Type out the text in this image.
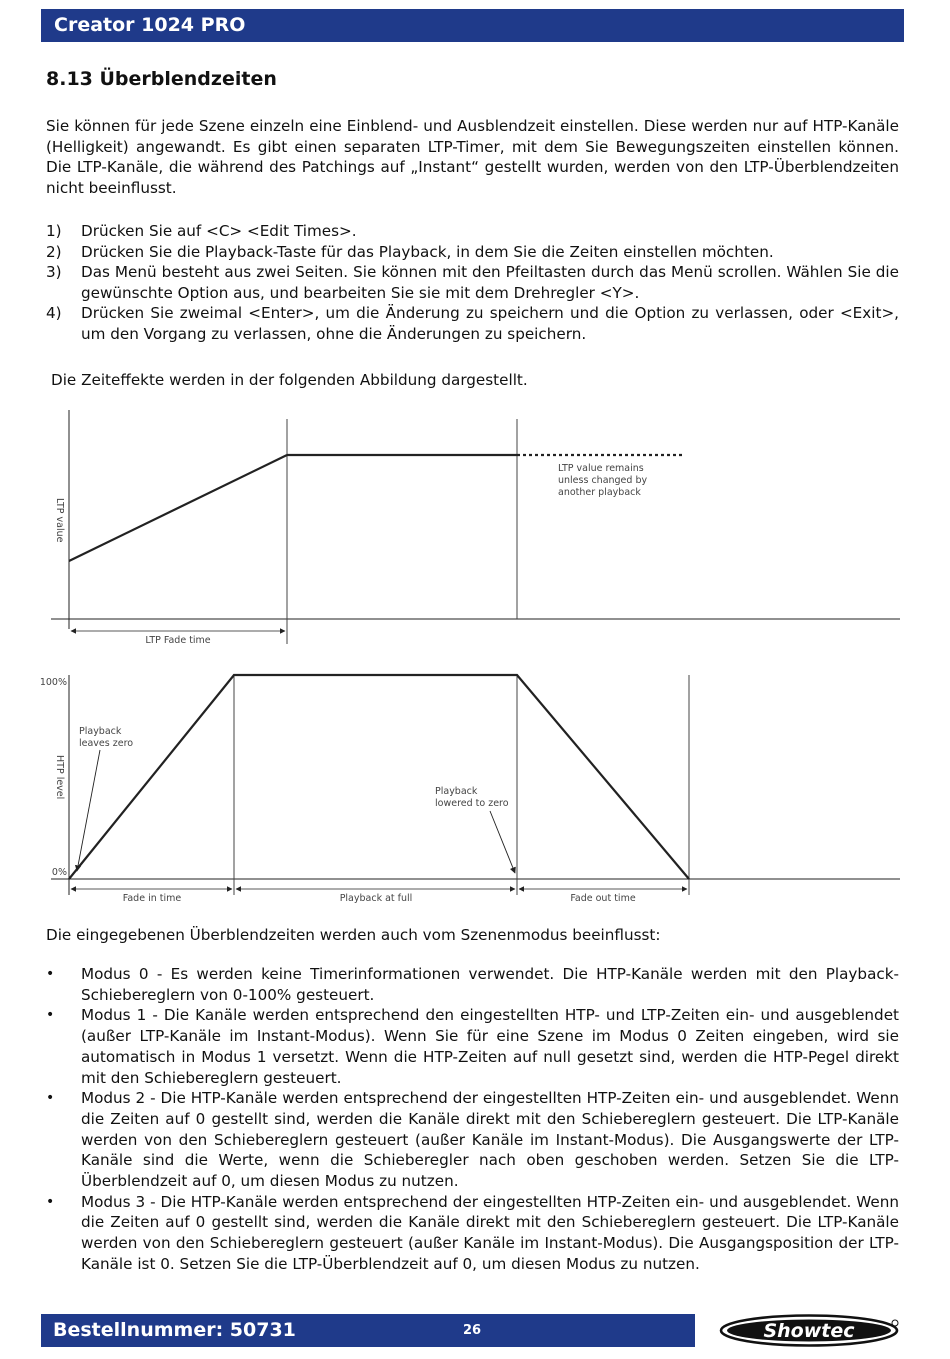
Creator 1024 PRO
8.13 Überblendzeiten

Sie können für jede Szene einzeln eine Einblend- und Ausblendzeit einstellen. Diese werden nur auf HTP-Kanäle (Helligkeit) angewandt. Es gibt einen separaten LTP-Timer, mit dem Sie Bewegungszeiten einstellen können. Die LTP-Kanäle, die während des Patchings auf „Instant“ gestellt wurden, werden von den LTP-Überblendzeiten nicht beeinflusst.

1)	Drücken Sie auf <C> <Edit Times>.
2)	Drücken Sie die Playback-Taste für das Playback, in dem Sie die Zeiten einstellen möchten.
3)	Das Menü besteht aus zwei Seiten. Sie können mit den Pfeiltasten durch das Menü scrollen. Wählen Sie die gewünschte Option aus, und bearbeiten Sie sie mit dem Drehregler <Y>.
4)	Drücken Sie zweimal <Enter>, um die Änderung zu speichern und die Option zu verlassen, oder <Exit>, um den Vorgang zu verlassen, ohne die Änderungen zu speichern.

Die Zeiteffekte werden in der folgenden Abbildung dargestellt.

LTP value
LTP value remains
unless changed by
another playback
LTP Fade time
100%
0%
HTP level
Playback
leaves zero
Playback
lowered to zero
Fade in time	Playback at full	Fade out time

Die eingegebenen Überblendzeiten werden auch vom Szenenmodus beeinflusst:

•	Modus 0 - Es werden keine Timerinformationen verwendet. Die HTP-Kanäle werden mit den Playback-Schiebereglern von 0-100% gesteuert.
•	Modus 1 - Die Kanäle werden entsprechend den eingestellten HTP- und LTP-Zeiten ein- und ausgeblendet (außer LTP-Kanäle im Instant-Modus). Wenn Sie für eine Szene im Modus 0 Zeiten eingeben, wird sie automatisch in Modus 1 versetzt. Wenn die HTP-Zeiten auf null gesetzt sind, werden die HTP-Pegel direkt mit den Schiebereglern gesteuert.
•	Modus 2 - Die HTP-Kanäle werden entsprechend der eingestellten HTP-Zeiten ein- und ausgeblendet. Wenn die Zeiten auf 0 gestellt sind, werden die Kanäle direkt mit den Schiebereglern gesteuert. Die LTP-Kanäle werden von den Schiebereglern gesteuert (außer Kanäle im Instant-Modus). Die Ausgangswerte der LTP-Kanäle sind die Werte, wenn die Schieberegler nach oben geschoben werden. Setzen Sie die LTP-Überblendzeit auf 0, um diesen Modus zu nutzen.
•	Modus 3 - Die HTP-Kanäle werden entsprechend der eingestellten HTP-Zeiten ein- und ausgeblendet. Wenn die Zeiten auf 0 gestellt sind, werden die Kanäle direkt mit den Schiebereglern gesteuert. Die LTP-Kanäle werden von den Schiebereglern gesteuert (außer Kanäle im Instant-Modus). Die Ausgangsposition der LTP-Kanäle ist 0. Setzen Sie die LTP-Überblendzeit auf 0, um diesen Modus zu nutzen.
Bestellnummer: 50731	26	Showtec
